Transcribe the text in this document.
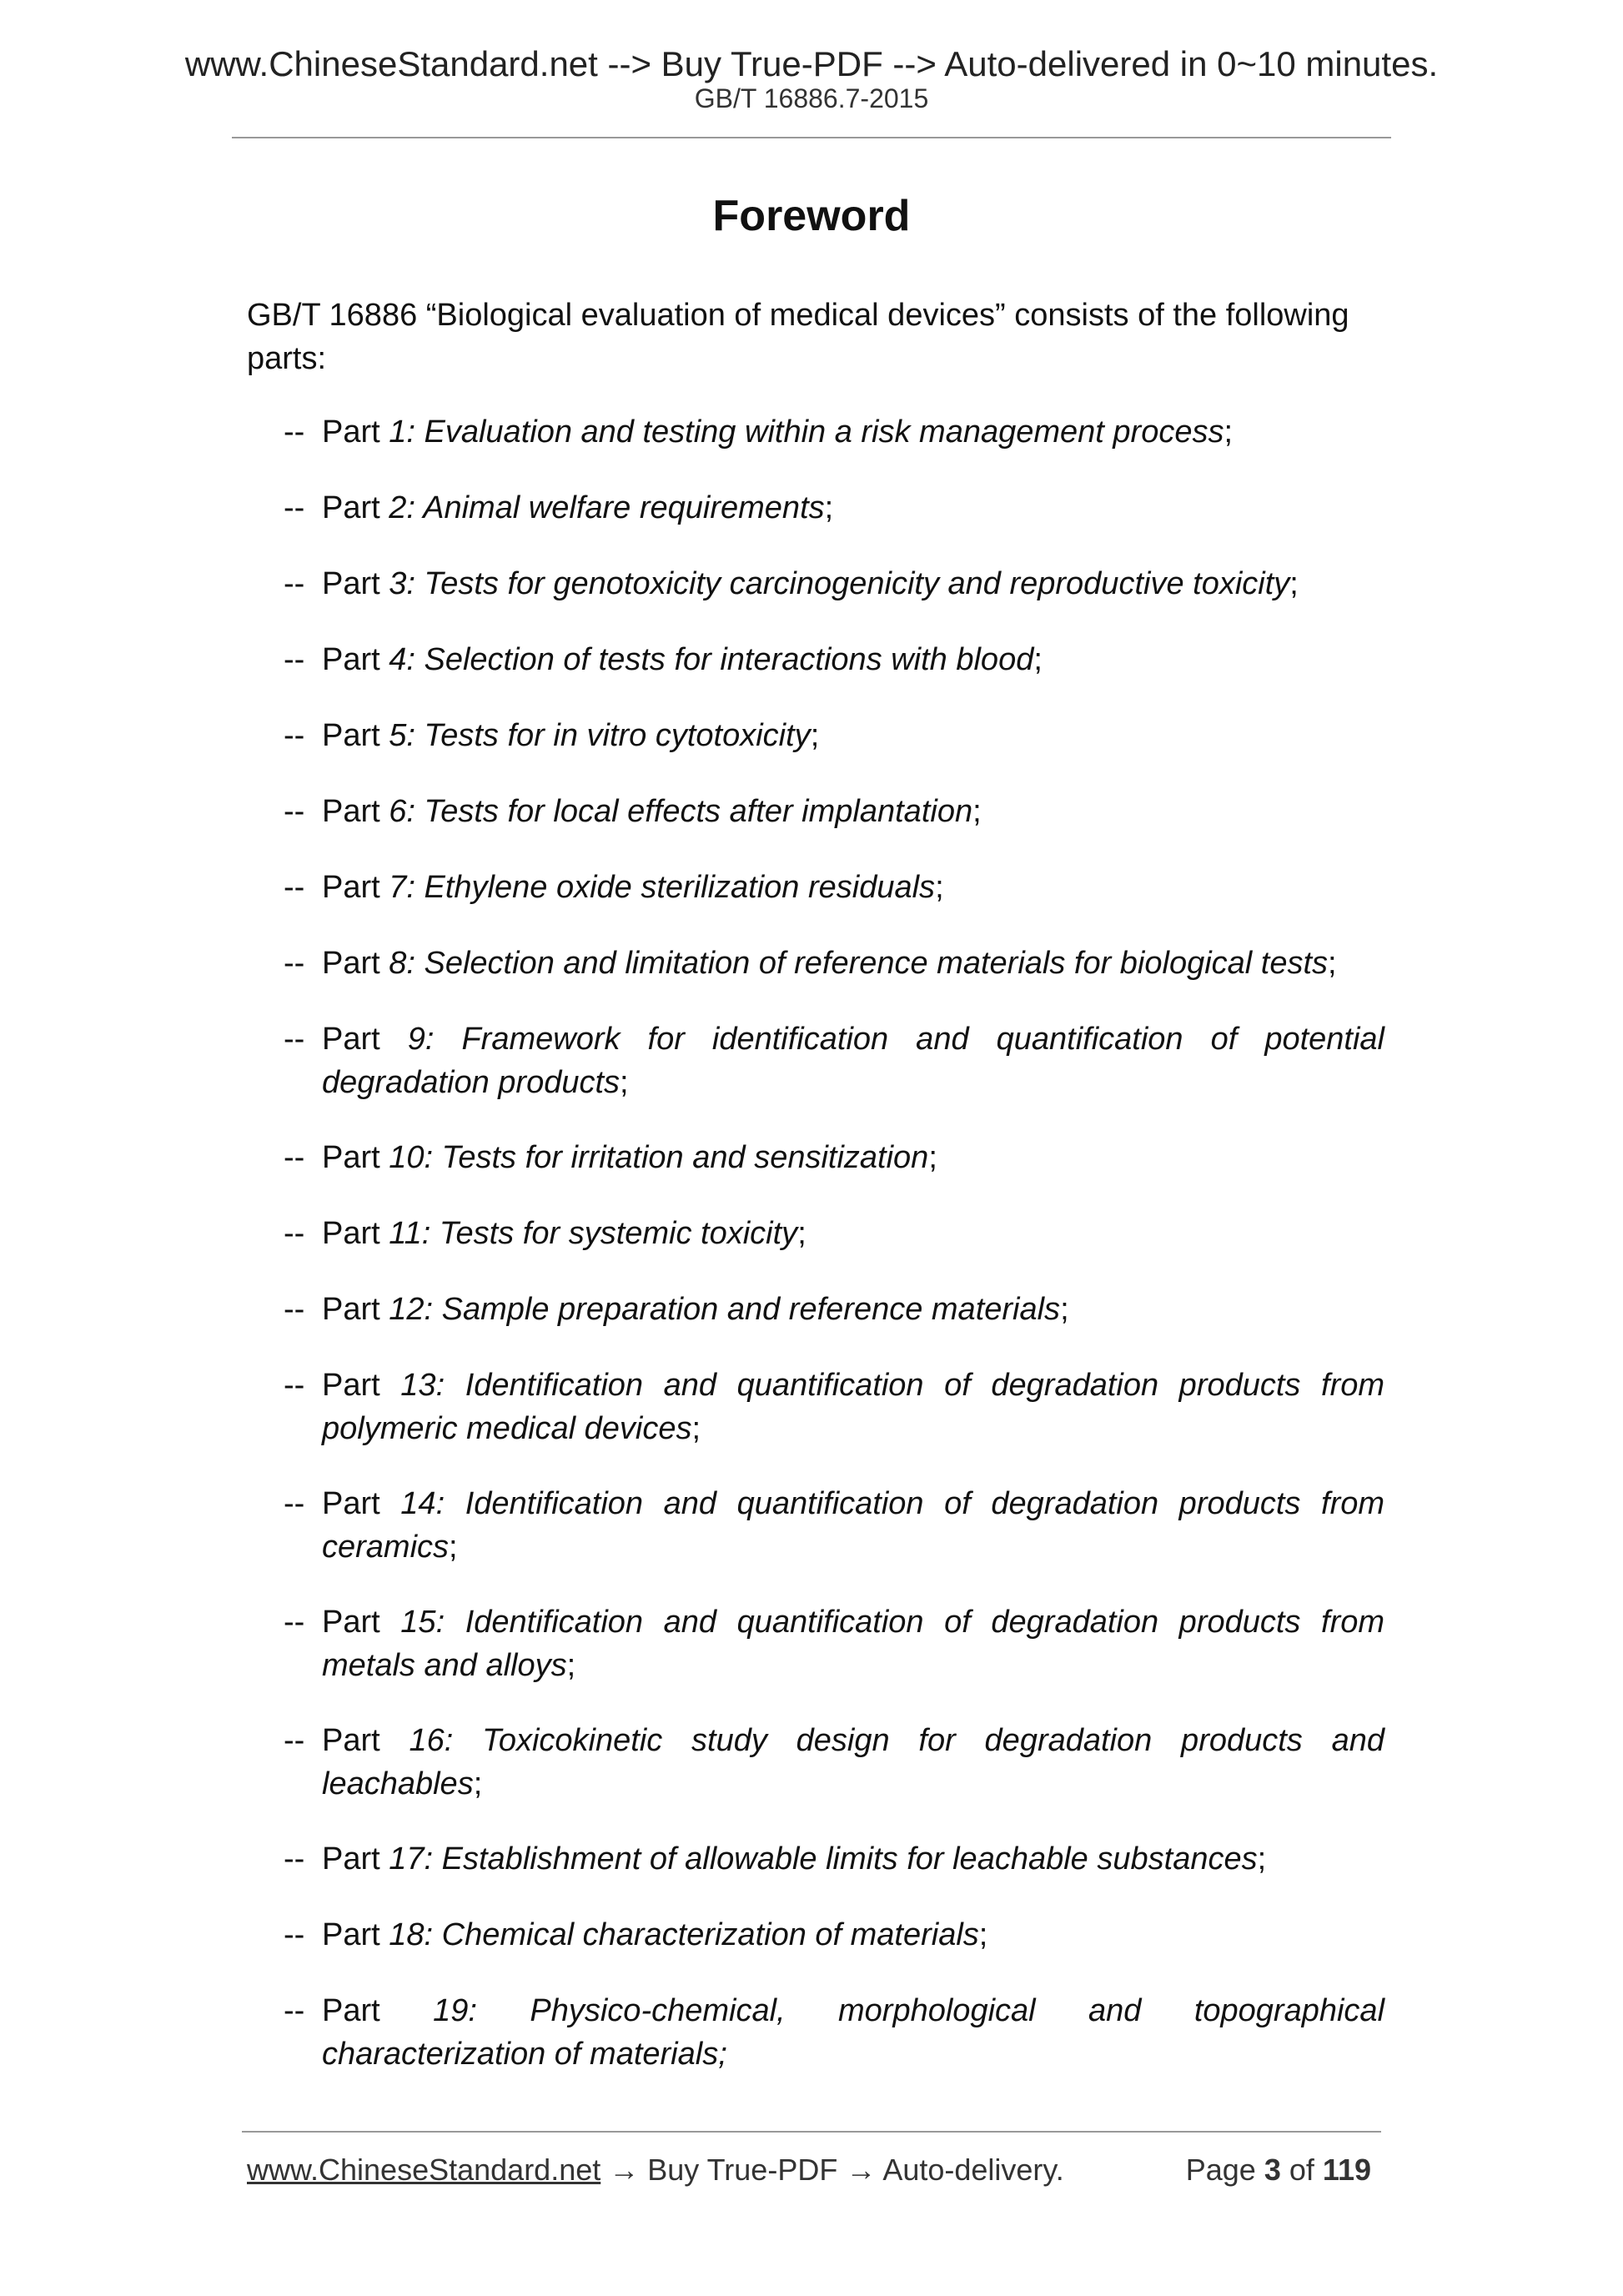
www.ChineseStandard.net --> Buy True-PDF --> Auto-delivered in 0~10 minutes.
GB/T 16886.7-2015
Foreword
GB/T 16886 “Biological evaluation of medical devices” consists of the following parts:
-- Part 1: Evaluation and testing within a risk management process;
-- Part 2: Animal welfare requirements;
-- Part 3: Tests for genotoxicity carcinogenicity and reproductive toxicity;
-- Part 4: Selection of tests for interactions with blood;
-- Part 5: Tests for in vitro cytotoxicity;
-- Part 6: Tests for local effects after implantation;
-- Part 7: Ethylene oxide sterilization residuals;
-- Part 8: Selection and limitation of reference materials for biological tests;
-- Part 9: Framework for identification and quantification of potential degradation products;
-- Part 10: Tests for irritation and sensitization;
-- Part 11: Tests for systemic toxicity;
-- Part 12: Sample preparation and reference materials;
-- Part 13: Identification and quantification of degradation products from polymeric medical devices;
-- Part 14: Identification and quantification of degradation products from ceramics;
-- Part 15: Identification and quantification of degradation products from metals and alloys;
-- Part 16: Toxicokinetic study design for degradation products and leachables;
-- Part 17: Establishment of allowable limits for leachable substances;
-- Part 18: Chemical characterization of materials;
-- Part 19: Physico-chemical, morphological and topographical characterization of materials;
www.ChineseStandard.net → Buy True-PDF → Auto-delivery.	Page 3 of 119
